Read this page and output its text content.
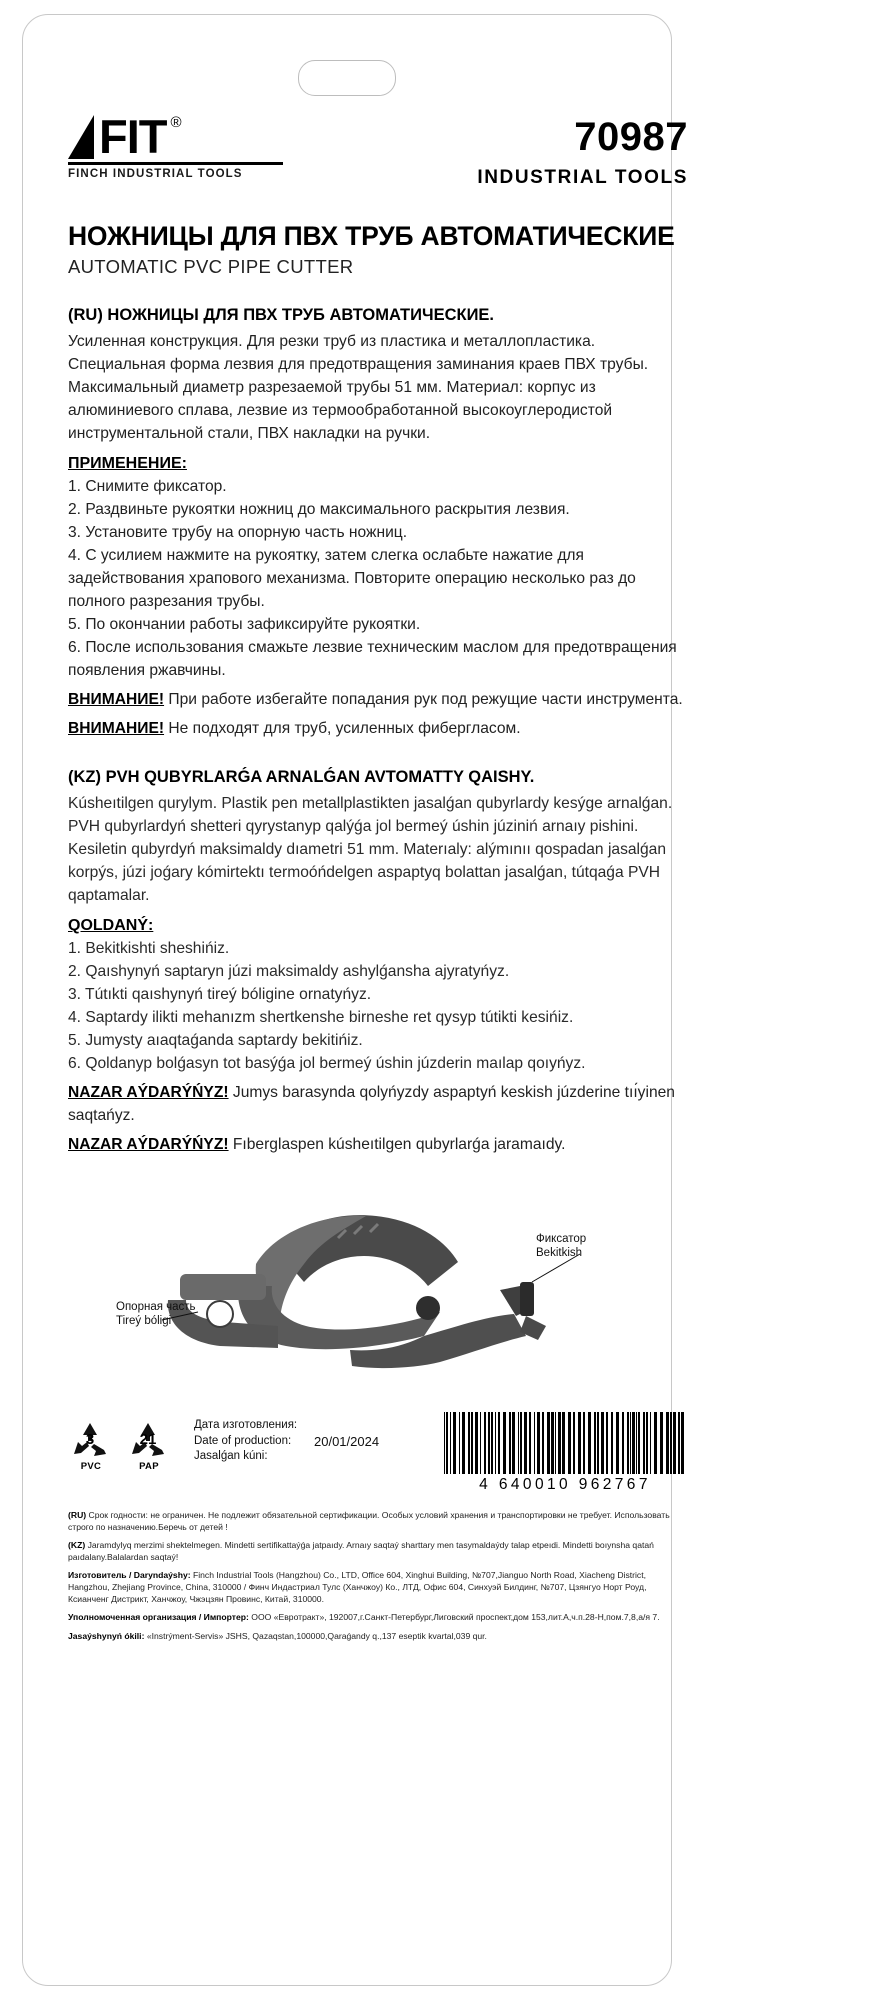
FIT ®
FINCH INDUSTRIAL TOOLS
70987
INDUSTRIAL TOOLS
НОЖНИЦЫ ДЛЯ ПВХ ТРУБ АВТОМАТИЧЕСКИЕ
AUTOMATIC PVC PIPE CUTTER
(RU) НОЖНИЦЫ ДЛЯ ПВХ ТРУБ АВТОМАТИЧЕСКИЕ.
Усиленная конструкция. Для резки труб из пластика и металлопластика. Специальная форма лезвия для предотвращения заминания краев ПВХ трубы. Максимальный диаметр разрезаемой трубы 51 мм. Материал: корпус из алюминиевого сплава, лезвие из термообработанной высокоуглеродистой инструментальной стали, ПВХ накладки на ручки.
ПРИМЕНЕНИЕ:
1. Снимите фиксатор.
2. Раздвиньте рукоятки ножниц до максимального раскрытия лезвия.
3. Установите трубу на опорную часть ножниц.
4. С усилием нажмите на рукоятку, затем слегка ослабьте нажатие для задействования храпового механизма. Повторите операцию несколько раз до полного разрезания трубы.
5. По окончании работы зафиксируйте рукоятки.
6. После использования смажьте лезвие техническим маслом для предотвращения появления ржавчины.
ВНИМАНИЕ! При работе избегайте попадания рук под режущие части инструмента.
ВНИМАНИЕ! Не подходят для труб, усиленных фибергласом.
(KZ) PVH QUBYRLARǴA ARNALǴAN AVTOMATTY QAISHY.
Kúsheıtilgen qurylym. Plastik pen metallplastikten jasalǵan qubyrlardy kesýge arnalǵan. PVH qubyrlardyń shetteri qyrystanyp qalýǵa jol bermeý úshin júziniń arnaıy pishini. Kesiletin qubyrdyń maksimaldy dıametri 51 mm. Materıaly: alýmınıı qospadan jasalǵan korpýs, júzi joǵary kómirtektı termoóńdelgen aspaptyq bolattan jasalǵan, tútqaǵa PVH qaptamalar.
QOLDANÝ:
1. Bekitkishti sheshińiz.
2. Qaıshynyń saptaryn júzi maksimaldy ashylǵansha ajyratyńyz.
3. Tútıkti qaıshynyń tireý bóligine ornatyńyz.
4. Saptardy ilikti mehanızm shertkenshe birneshe ret qysyp tútikti kesińiz.
5. Jumysty aıaqtaǵanda saptardy bekitińiz.
6. Qoldanyp bolǵasyn tot basýǵa jol bermeý úshin júzderin maılap qoıyńyz.
NAZAR AÝDARÝŃYZ! Jumys barasynda qolyńyzdy aspaptyń keskish júzderine tıı́yinen saqtańyz.
NAZAR AÝDARÝŃYZ! Fıberglaspen kúsheıtilgen qubyrlarǵa jaramaıdy.
Фиксатор
Bekitkish
Опорная часть
Tireý bóligi
3
PVC
21
PAP
Дата изготовления:
Date of production:
Jasalǵan kúni:
20/01/2024
4 640010 962767

(RU) Срок годности: не ограничен. Не подлежит обязательной сертификации. Особых условий хранения и транспортировки не требует. Использовать строго по назначению.Беречь от детей !

(KZ) Jaramdylyq merzimi shektelmegen. Mindetti sertifikattaýǵa jatpaıdy. Arnaıy saqtaý sharttary men tasymaldaýdy talap etpeıdi. Mindetti boıynsha qatań paıdalany.Balalardan saqtaý!

Изготовитель / Daryndaýshy: Finch Industrial Tools (Hangzhou) Co., LTD, Office 604, Xinghui Building, №707,Jianguo North Road, Xiacheng District, Hangzhou, Zhejiang Province, China, 310000 / Финч Индастриал Тулс (Ханчжоу) Ко., ЛТД, Офис 604, Синхуэй Билдинг, №707, Цзянгуо Норт Роуд, Ксианченг Дистрикт, Ханчжоу, Чжэцзян Провинс, Китай, 310000.

Уполномоченная организация / Импортер: ООО «Евротракт», 192007,г.Санкт-Петербург,Лиговский проспект,дом 153,лит.А,ч.п.28-Н,пом.7,8,а/я 7.

Jasaýshynyń ókili: «Instrýment-Servis» JSHS, Qazaqstan,100000,Qaraǵandy q.,137 eseptik kvartal,039 qur.
